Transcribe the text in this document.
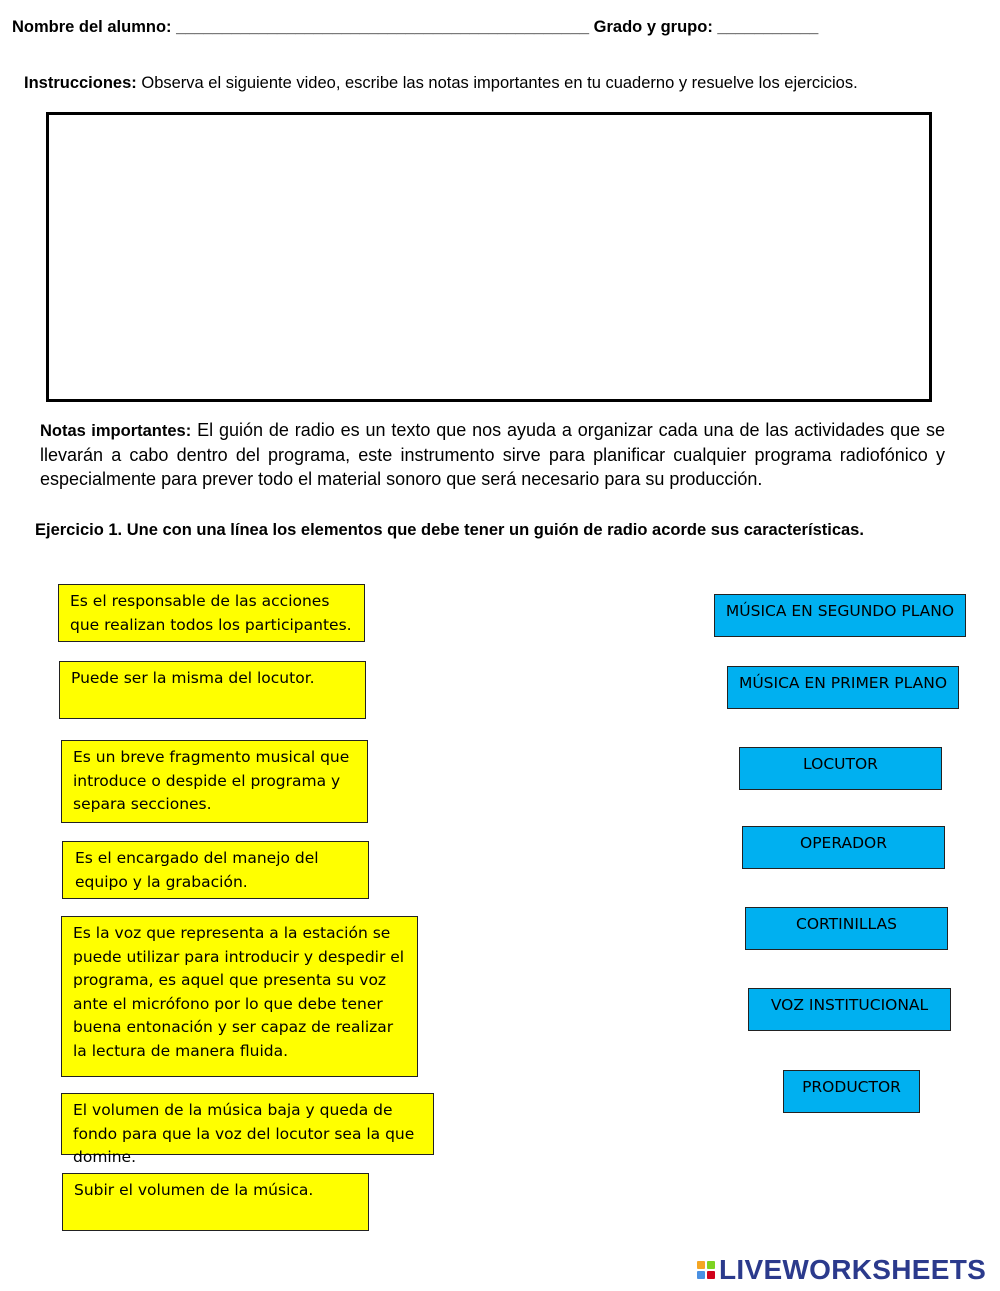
Nombre del alumno: _____________________________________________ Grado y grupo: ___________
Instrucciones: Observa el siguiente video, escribe las notas importantes en tu cuaderno y resuelve los ejercicios.
Notas importantes: El guión de radio es un texto que nos ayuda a organizar cada una de las actividades que se llevarán a cabo dentro del programa, este instrumento sirve para planificar cualquier programa radiofónico y especialmente para prever todo el material sonoro que será necesario para su producción.
Ejercicio 1. Une con una línea los elementos que debe tener un guión de radio acorde sus características.
Es el responsable de las acciones que realizan todos los participantes.
Puede ser la misma del locutor.
Es un breve fragmento musical que introduce o despide el programa y separa secciones.
Es el encargado del manejo del equipo y la grabación.
Es la voz que representa a la estación se puede utilizar para introducir y despedir el programa, es aquel que presenta su voz ante el micrófono por lo que debe tener buena entonación y ser capaz de realizar la lectura de manera fluida.
El volumen de la música baja y queda de fondo para que la voz del locutor sea la que domine.
Subir el volumen de la música.
MÚSICA EN SEGUNDO PLANO
MÚSICA EN PRIMER PLANO
LOCUTOR
OPERADOR
CORTINILLAS
VOZ INSTITUCIONAL
PRODUCTOR
LIVEWORKSHEETS
